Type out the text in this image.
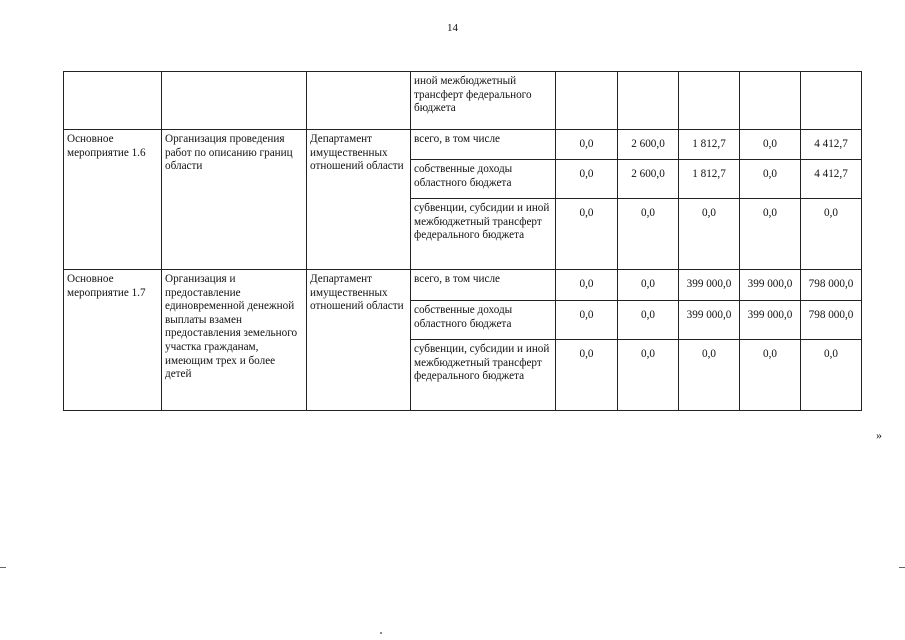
14
			иной межбюджетный трансферт федерального бюджета					
Основное мероприятие 1.6	Организация проведения работ по описанию границ области	Департамент имущественных отношений области	всего, в том числе	0,0	2 600,0	1 812,7	0,0	4 412,7
			собственные доходы областного бюджета	0,0	2 600,0	1 812,7	0,0	4 412,7
			субвенции, субсидии и иной межбюджетный трансферт федерального бюджета	0,0	0,0	0,0	0,0	0,0
Основное мероприятие 1.7	Организация и предоставление единовременной денежной выплаты взамен предоставления земельного участка гражданам, имеющим трех и более детей	Департамент имущественных отношений области	всего, в том числе	0,0	0,0	399 000,0	399 000,0	798 000,0
			собственные доходы областного бюджета	0,0	0,0	399 000,0	399 000,0	798 000,0
			субвенции, субсидии и иной межбюджетный трансферт федерального бюджета	0,0	0,0	0,0	0,0	0,0
»
